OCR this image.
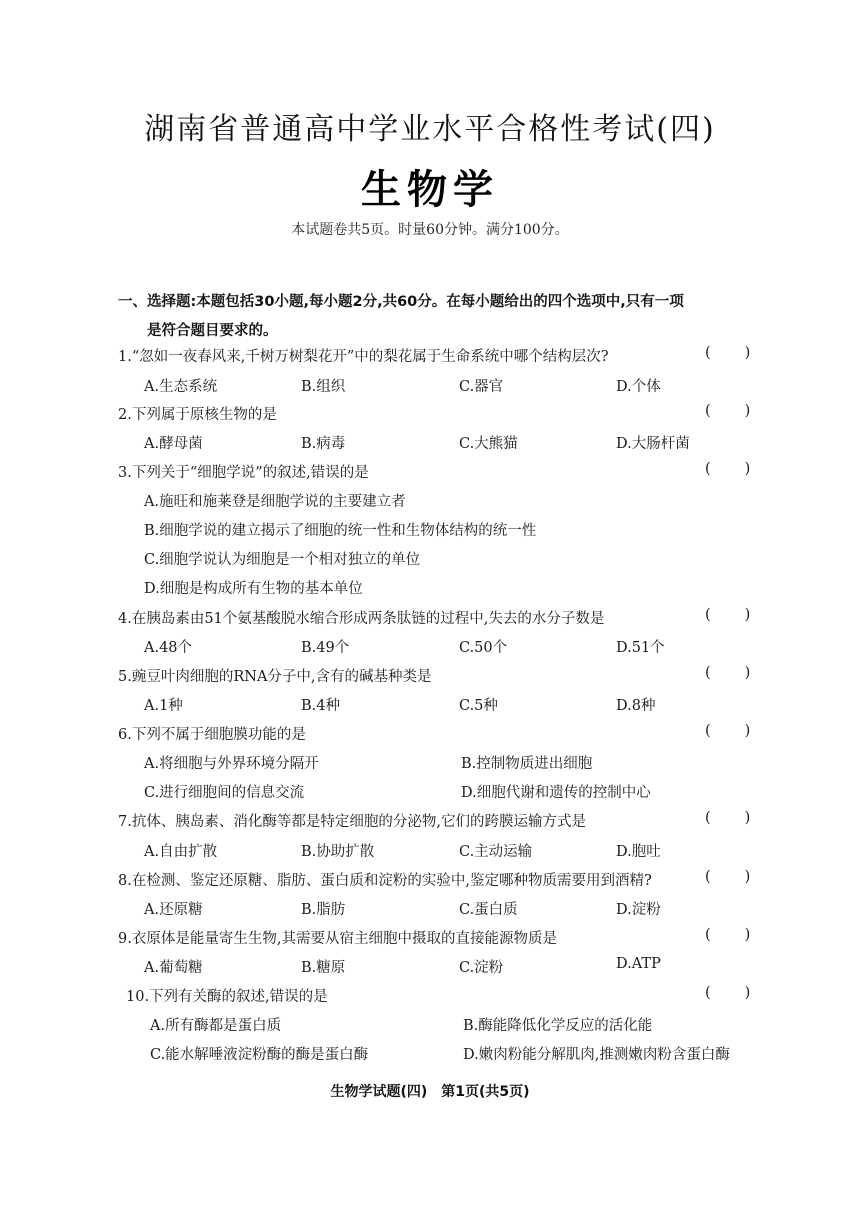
湖南省普通高中学业水平合格性考试(四)
生物学
本试题卷共5页。时量60分钟。满分100分。
一、选择题:本题包括30小题,每小题2分,共60分。在每小题给出的四个选项中,只有一项
是符合题目要求的。
1.“忽如一夜春风来,千树万树梨花开”中的梨花属于生命系统中哪个结构层次?	( )
A.生态系统	B.组织	C.器官	D.个体
2.下列属于原核生物的是	( )
A.酵母菌	B.病毒	C.大熊猫	D.大肠杆菌
3.下列关于“细胞学说”的叙述,错误的是	( )
A.施旺和施莱登是细胞学说的主要建立者
B.细胞学说的建立揭示了细胞的统一性和生物体结构的统一性
C.细胞学说认为细胞是一个相对独立的单位
D.细胞是构成所有生物的基本单位
4.在胰岛素由51个氨基酸脱水缩合形成两条肽链的过程中,失去的水分子数是	( )
A.48个	B.49个	C.50个	D.51个
5.豌豆叶肉细胞的RNA分子中,含有的碱基种类是	( )
A.1种	B.4种	C.5种	D.8种
6.下列不属于细胞膜功能的是	( )
A.将细胞与外界环境分隔开	B.控制物质进出细胞
C.进行细胞间的信息交流	D.细胞代谢和遗传的控制中心
7.抗体、胰岛素、消化酶等都是特定细胞的分泌物,它们的跨膜运输方式是	( )
A.自由扩散	B.协助扩散	C.主动运输	D.胞吐
8.在检测、鉴定还原糖、脂肪、蛋白质和淀粉的实验中,鉴定哪种物质需要用到酒精?	( )
A.还原糖	B.脂肪	C.蛋白质	D.淀粉
9.衣原体是能量寄生生物,其需要从宿主细胞中摄取的直接能源物质是	( )
A.葡萄糖	B.糖原	C.淀粉	D.ATP
10.下列有关酶的叙述,错误的是	( )
A.所有酶都是蛋白质	B.酶能降低化学反应的活化能
C.能水解唾液淀粉酶的酶是蛋白酶	D.嫩肉粉能分解肌肉,推测嫩肉粉含蛋白酶
生物学试题(四)　第1页(共5页)
